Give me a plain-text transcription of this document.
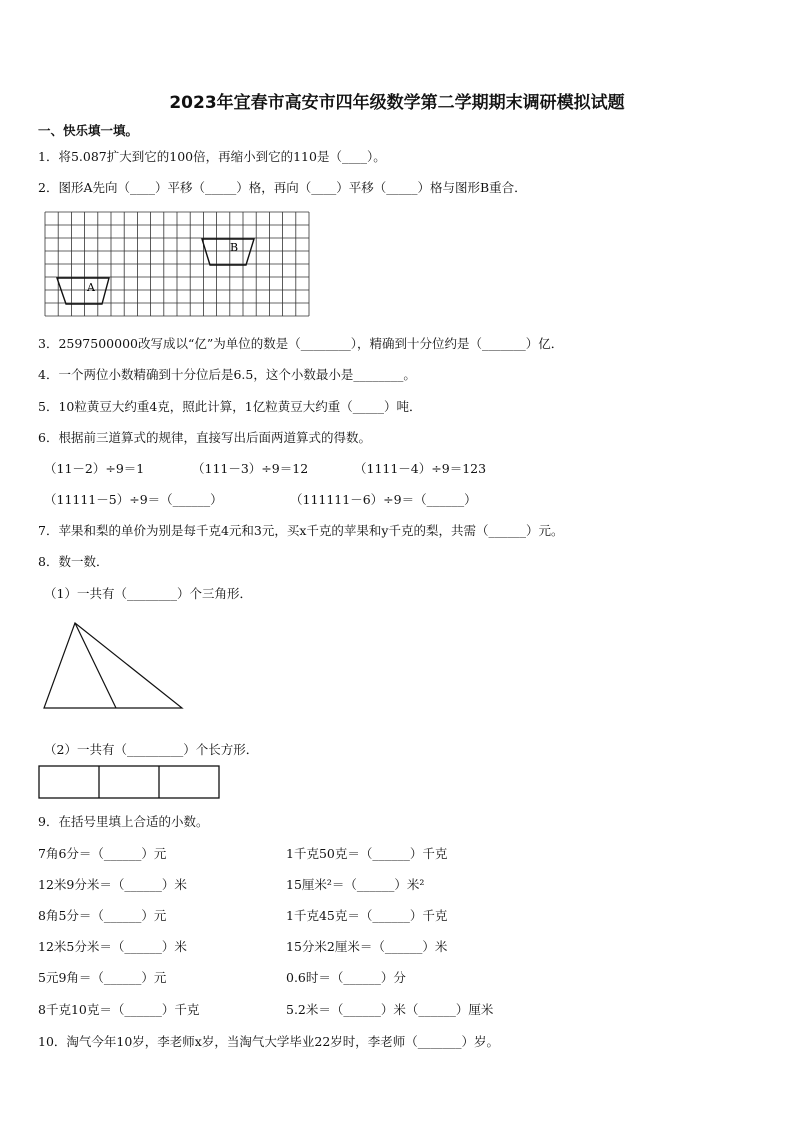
2023年宜春市高安市四年级数学第二学期期末调研模拟试题
一、快乐填一填。
1．将5.087扩大到它的100倍，再缩小到它的110是（____）。
2．图形A先向（____）平移（_____）格，再向（____）平移（_____）格与图形B重合．
A
B
3．2597500000改写成以“亿”为单位的数是（________），精确到十分位约是（_______）亿．
4．一个两位小数精确到十分位后是6.5，这个小数最小是________。
5．10粒黄豆大约重4克，照此计算，1亿粒黄豆大约重（_____）吨．
6．根据前三道算式的规律，直接写出后面两道算式的得数。
（11－2）÷9＝1	（111－3）÷9＝12	（1111－4）÷9＝123
（11111－5）÷9＝（______）	（111111－6）÷9＝（______）
7．苹果和梨的单价为别是每千克4元和3元，买x千克的苹果和y千克的梨，共需（______）元。
8．数一数．
（1）一共有（________）个三角形．
（2）一共有（_________）个长方形．
9．在括号里填上合适的小数。
7角6分＝（______）元	1千克50克＝（______）千克
12米9分米＝（______）米	15厘米²＝（______）米²
8角5分＝（______）元	1千克45克＝（______）千克
12米5分米＝（______）米	15分米2厘米＝（______）米
5元9角＝（______）元	0.6时＝（______）分
8千克10克＝（______）千克	5.2米＝（______）米（______）厘米
10．淘气今年10岁，李老师x岁，当淘气大学毕业22岁时，李老师（_______）岁。
